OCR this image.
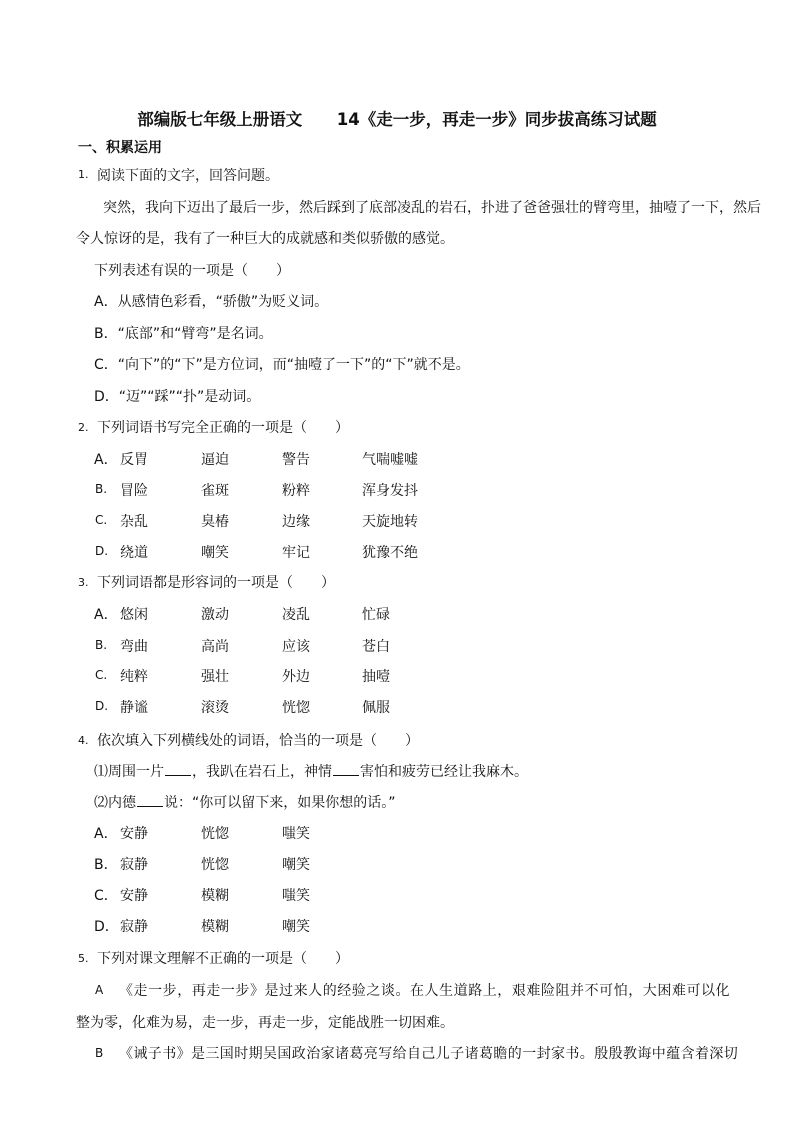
部编版七年级上册语文      14《走一步，再走一步》同步拔高练习试题
一、积累运用
1. 阅读下面的文字，回答问题。
突然，我向下迈出了最后一步，然后踩到了底部凌乱的岩石，扑进了爸爸强壮的臂弯里，抽噎了一下，然后
令人惊讶的是，我有了一种巨大的成就感和类似骄傲的感觉。
下列表述有误的一项是（　　）
A．从感情色彩看，“骄傲”为贬义词。
B．“底部”和“臂弯”是名词。
C．“向下”的“下”是方位词，而“抽噎了一下”的“下”就不是。
D．“迈”“踩”“扑”是动词。
2. 下列词语书写完全正确的一项是（　　）
A． 反胃	逼迫	警告	气喘嘘嘘
B. 冒险	雀斑	粉粹	浑身发抖
C. 杂乱	臭椿	边缘	天旋地转
D. 绕道	嘲笑	牢记	犹豫不绝
3. 下列词语都是形容词的一项是（　　）
A． 悠闲	激动	凌乱	忙碌
B. 弯曲	高尚	应该	苍白
C. 纯粹	强壮	外边	抽噎
D. 静谧	滚烫	恍惚	佩服
4. 依次填入下列横线处的词语，恰当的一项是（　　）
⑴周围一片 ，我趴在岩石上，神情 害怕和疲劳已经让我麻木。
⑵内德 说：“你可以留下来，如果你想的话。”
A． 安静	恍惚	嗤笑
B． 寂静	恍惚	嘲笑
C． 安静	模糊	嗤笑
D． 寂静	模糊	嘲笑
5. 下列对课文理解不正确的一项是（　　）
A 《走一步，再走一步》是过来人的经验之谈。在人生道路上，艰难险阻并不可怕，大困难可以化
整为零，化难为易，走一步，再走一步，定能战胜一切困难。
B 《诫子书》是三国时期吴国政治家诸葛亮写给自己儿子诸葛瞻的一封家书。殷殷教诲中蕴含着深切
